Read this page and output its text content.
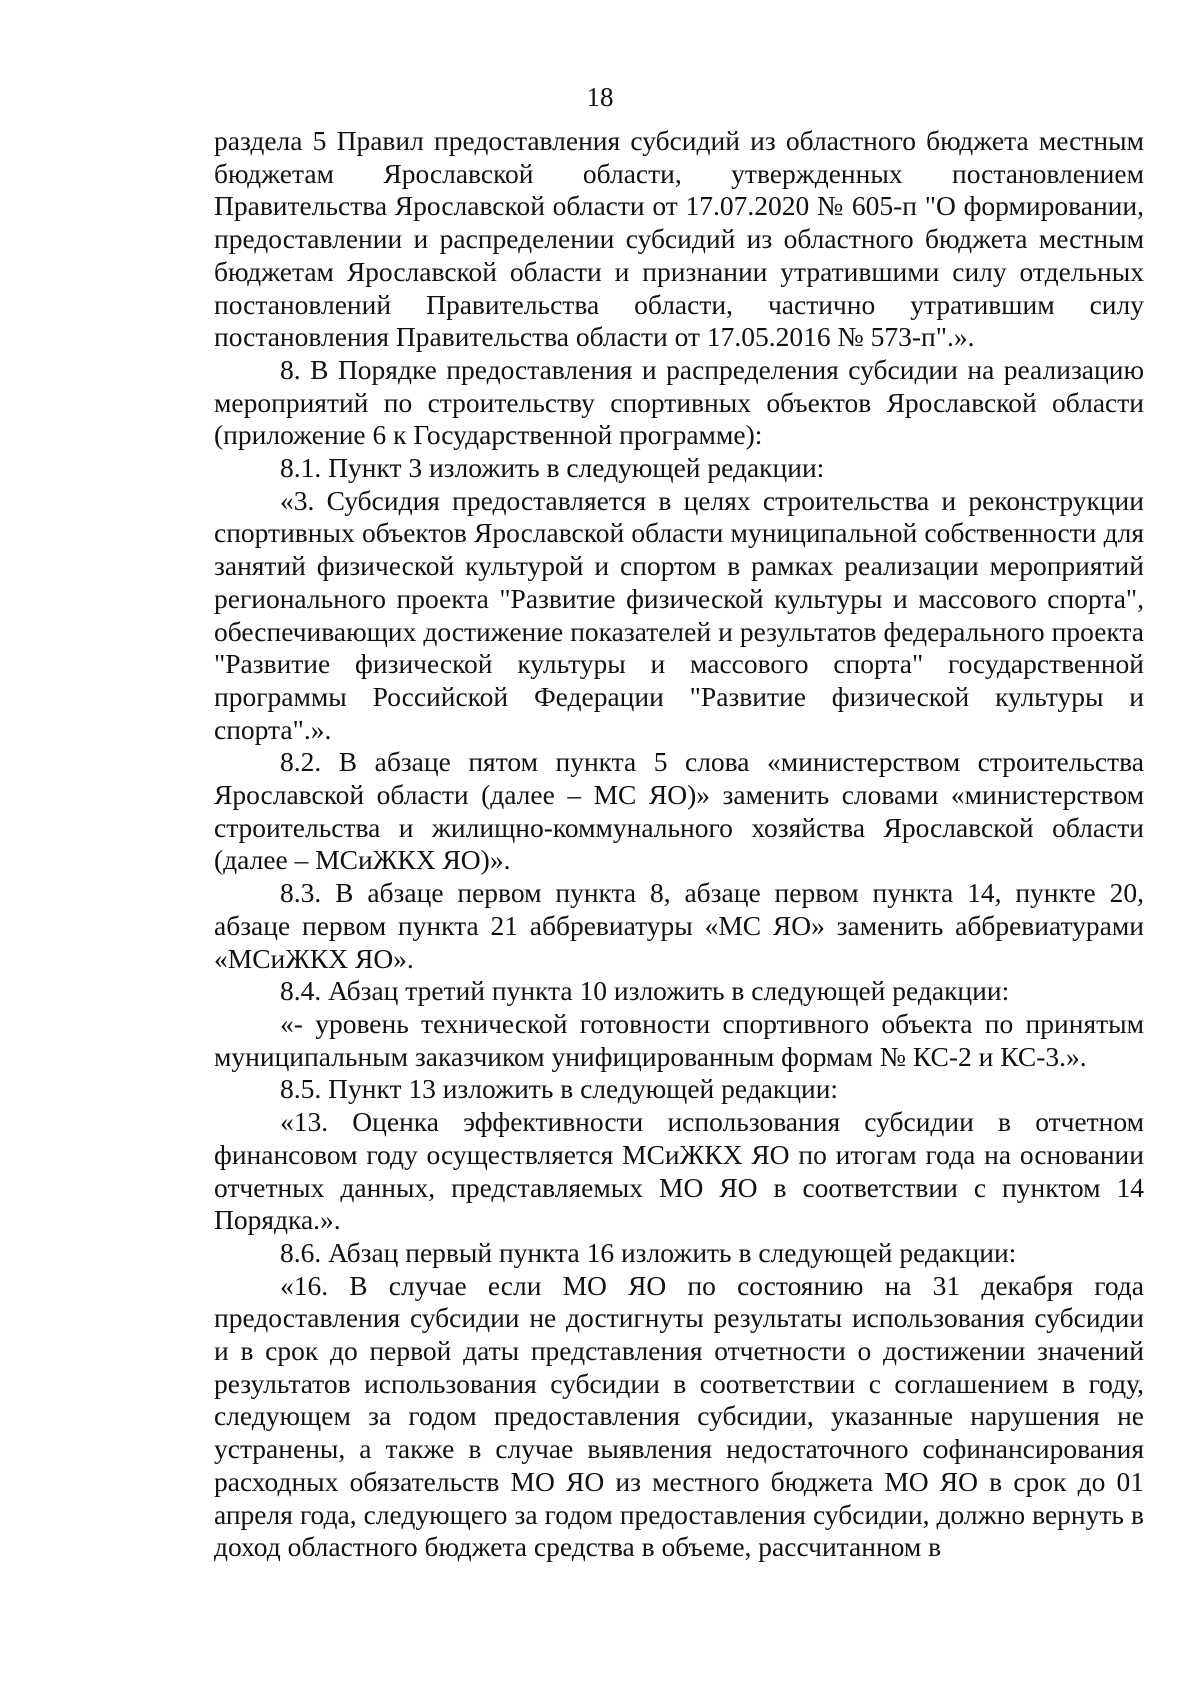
18

раздела 5 Правил предоставления субсидий из областного бюджета местным бюджетам Ярославской области, утвержденных постановлением Правительства Ярославской области от 17.07.2020 № 605-п "О формировании, предоставлении и распределении субсидий из областного бюджета местным бюджетам Ярославской области и признании утратившими силу отдельных постановлений Правительства области, частично утратившим силу постановления Правительства области от 17.05.2016 № 573-п".».

8. В Порядке предоставления и распределения субсидии на реализацию мероприятий по строительству спортивных объектов Ярославской области (приложение 6 к Государственной программе):

8.1. Пункт 3 изложить в следующей редакции:

«3. Субсидия предоставляется в целях строительства и реконструкции спортивных объектов Ярославской области муниципальной собственности для занятий физической культурой и спортом в рамках реализации мероприятий регионального проекта "Развитие физической культуры и массового спорта", обеспечивающих достижение показателей и результатов федерального проекта "Развитие физической культуры и массового спорта" государственной программы Российской Федерации "Развитие физической культуры и спорта".».

8.2. В абзаце пятом пункта 5 слова «министерством строительства Ярославской области (далее – МС ЯО)» заменить словами «министерством строительства и жилищно-коммунального хозяйства Ярославской области (далее – МСиЖКХ ЯО)».

8.3. В абзаце первом пункта 8, абзаце первом пункта 14, пункте 20, абзаце первом пункта 21 аббревиатуры «МС ЯО» заменить аббревиатурами «МСиЖКХ ЯО».

8.4. Абзац третий пункта 10 изложить в следующей редакции:

«- уровень технической готовности спортивного объекта по принятым муниципальным заказчиком унифицированным формам № КС-2 и КС-3.».

8.5. Пункт 13 изложить в следующей редакции:

«13. Оценка эффективности использования субсидии в отчетном финансовом году осуществляется МСиЖКХ ЯО по итогам года на основании отчетных данных, представляемых МО ЯО в соответствии с пунктом 14 Порядка.».

8.6. Абзац первый пункта 16 изложить в следующей редакции:

«16. В случае если МО ЯО по состоянию на 31 декабря года предоставления субсидии не достигнуты результаты использования субсидии и в срок до первой даты представления отчетности о достижении значений результатов использования субсидии в соответствии с соглашением в году, следующем за годом предоставления субсидии, указанные нарушения не устранены, а также в случае выявления недостаточного софинансирования расходных обязательств МО ЯО из местного бюджета МО ЯО в срок до 01 апреля года, следующего за годом предоставления субсидии, должно вернуть в доход областного бюджета средства в объеме, рассчитанном в
